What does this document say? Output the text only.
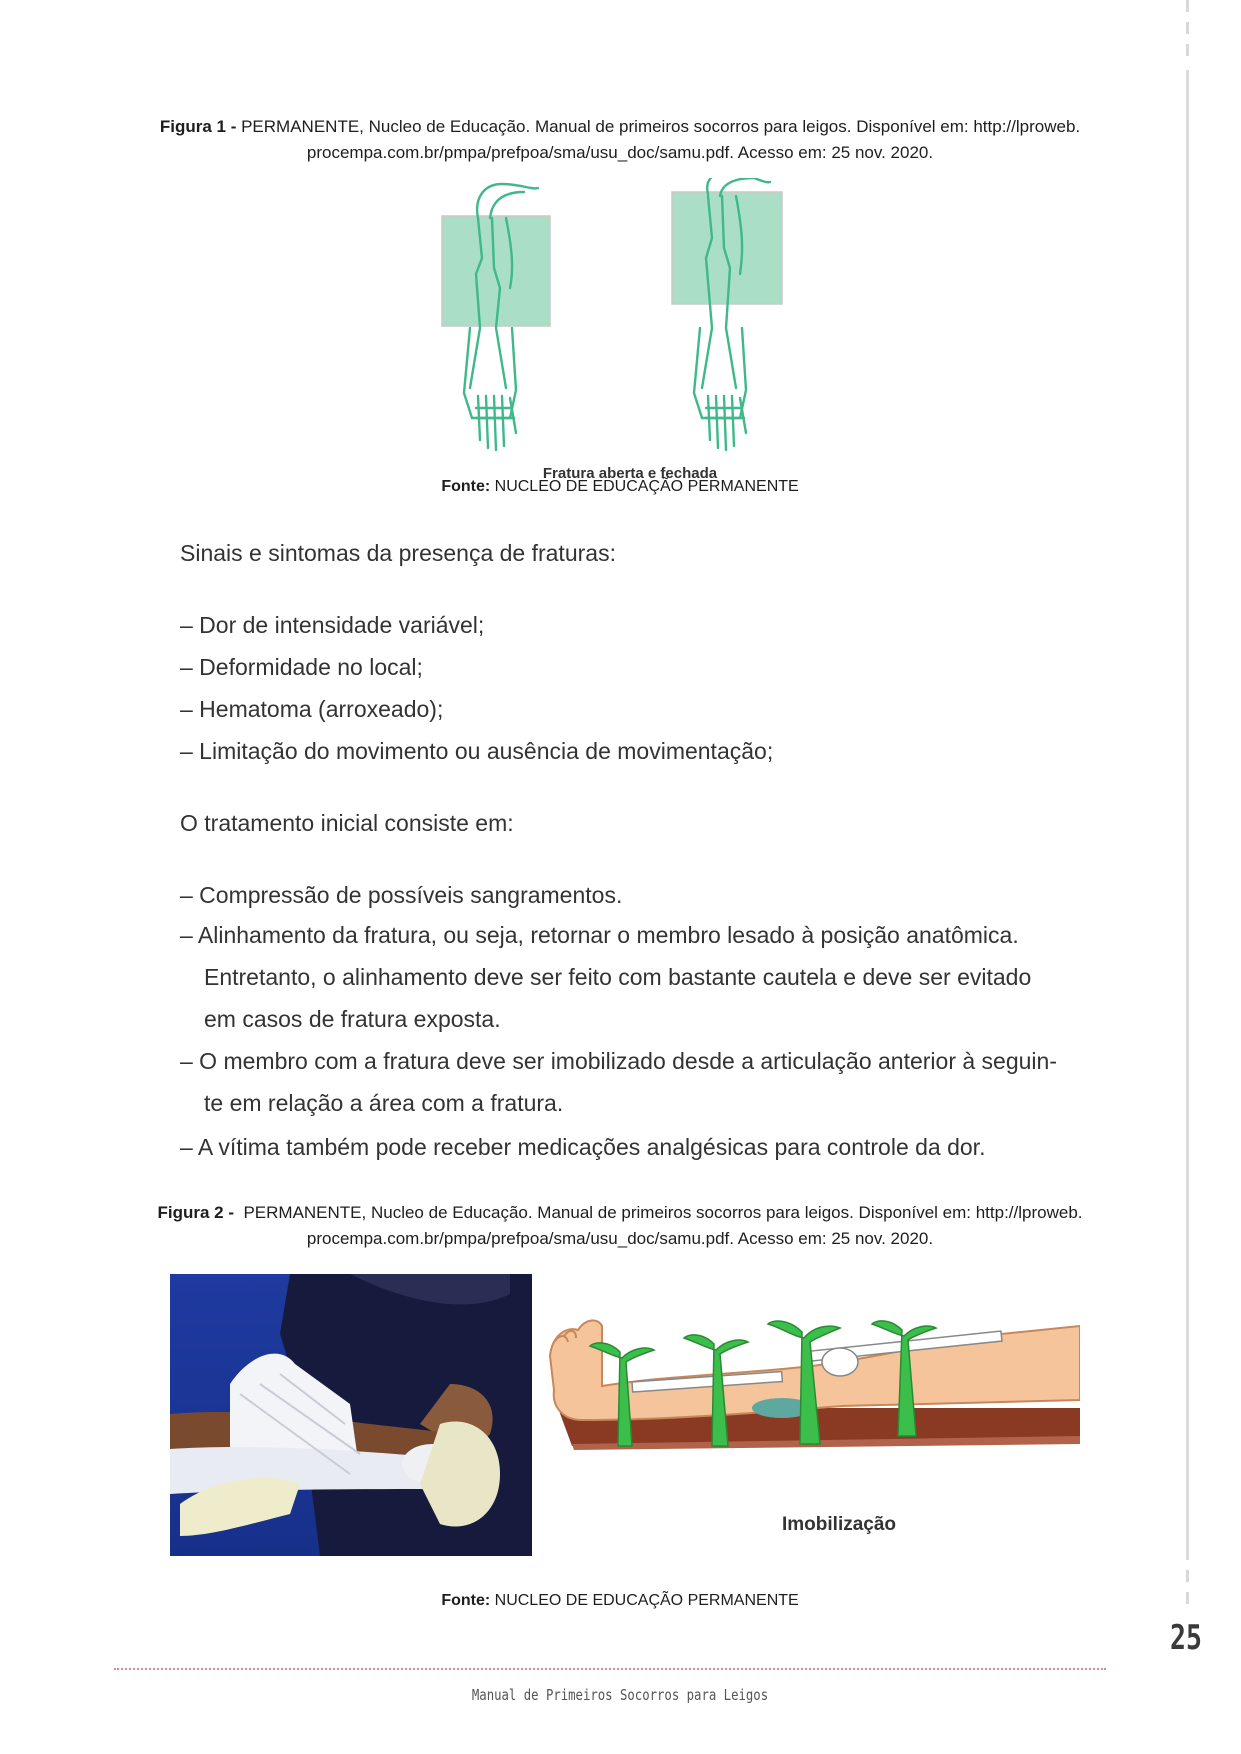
Figura 1 - PERMANENTE, Nucleo de Educação. Manual de primeiros socorros para leigos. Disponível em: http://lproweb.
procempa.com.br/pmpa/prefpoa/sma/usu_doc/samu.pdf. Acesso em: 25 nov. 2020.
Fratura aberta e fechada
Fonte: NUCLEO DE EDUCAÇÃO PERMANENTE
Sinais e sintomas da presença de fraturas:
– Dor de intensidade variável;
– Deformidade no local;
– Hematoma (arroxeado);
– Limitação do movimento ou ausência de movimentação;
O tratamento inicial consiste em:
– Compressão de possíveis sangramentos.
– Alinhamento da fratura, ou seja, retornar o membro lesado à posição anatômica.
Entretanto, o alinhamento deve ser feito com bastante cautela e deve ser evitado
em casos de fratura exposta.
– O membro com a fratura deve ser imobilizado desde a articulação anterior à seguin-
te em relação a área com a fratura.
– A vítima também pode receber medicações analgésicas para controle da dor.
Figura 2 - PERMANENTE, Nucleo de Educação. Manual de primeiros socorros para leigos. Disponível em: http://lproweb.
procempa.com.br/pmpa/prefpoa/sma/usu_doc/samu.pdf. Acesso em: 25 nov. 2020.
Imobilização
Fonte: NUCLEO DE EDUCAÇÃO PERMANENTE
25
Manual de Primeiros Socorros para Leigos
